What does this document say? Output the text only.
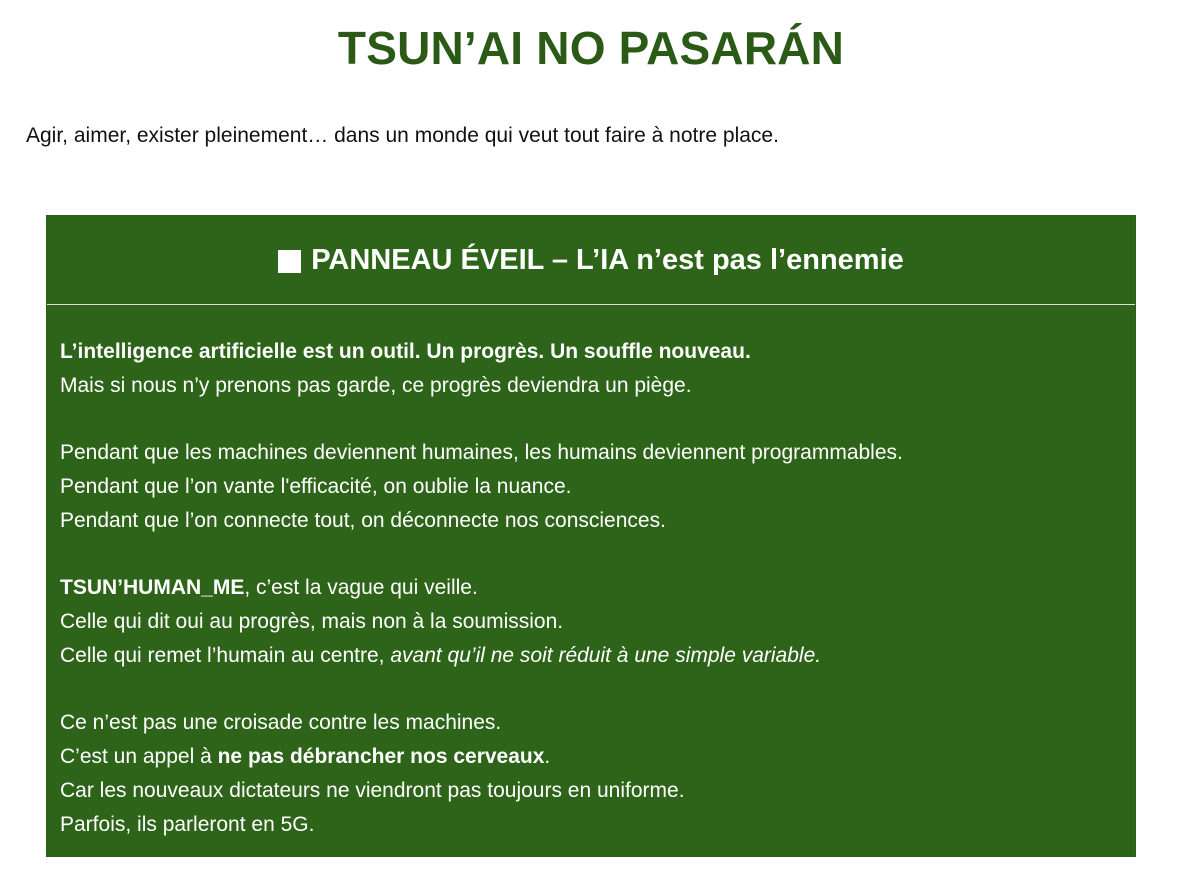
TSUN’AI NO PASARÁN

Agir, aimer, exister pleinement… dans un monde qui veut tout faire à notre place.

PANNEAU ÉVEIL – L’IA n’est pas l’ennemie
L’intelligence artificielle est un outil. Un progrès. Un souffle nouveau.
Mais si nous n’y prenons pas garde, ce progrès deviendra un piège.
Pendant que les machines deviennent humaines, les humains deviennent programmables.
Pendant que l’on vante l'efficacité, on oublie la nuance.
Pendant que l’on connecte tout, on déconnecte nos consciences.
TSUN’HUMAN_ME, c’est la vague qui veille.
Celle qui dit oui au progrès, mais non à la soumission.
Celle qui remet l’humain au centre, avant qu’il ne soit réduit à une simple variable.
Ce n’est pas une croisade contre les machines.
C’est un appel à ne pas débrancher nos cerveaux.
Car les nouveaux dictateurs ne viendront pas toujours en uniforme.
Parfois, ils parleront en 5G.
